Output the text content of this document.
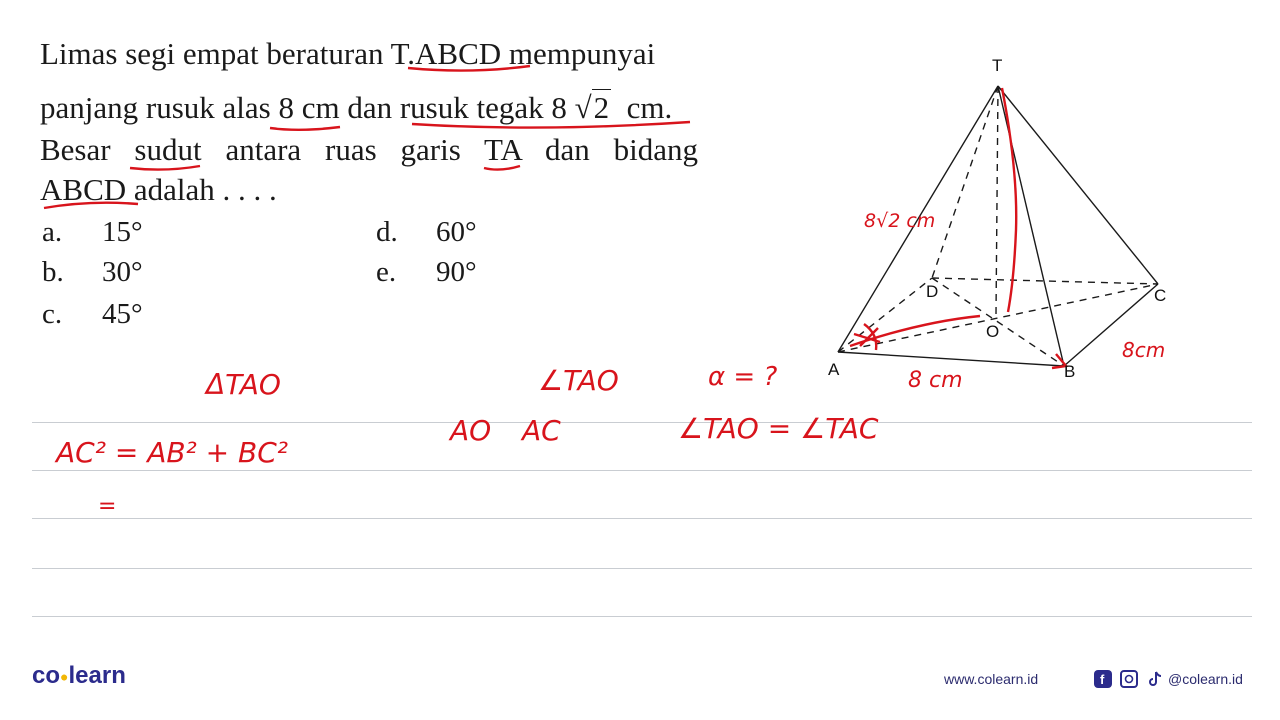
Limas segi empat beraturan T.ABCD mempunyai
panjang rusuk alas 8 cm dan rusuk tegak 8 √2 cm.
Besar sudut antara ruas garis TA dan bidang
ABCD adalah . . . .
a. 15°
b. 30°
c. 45°
d. 60°
e. 90°
T
A	B
C
D
O
8√2 cm
8 cm
8cm
ΔTAO	∠TAO	α = ?
AO AC	∠TAO = ∠TAC
AC² = AB² + BC²
=
co●learn	www.colearn.id	f	@colearn.id
